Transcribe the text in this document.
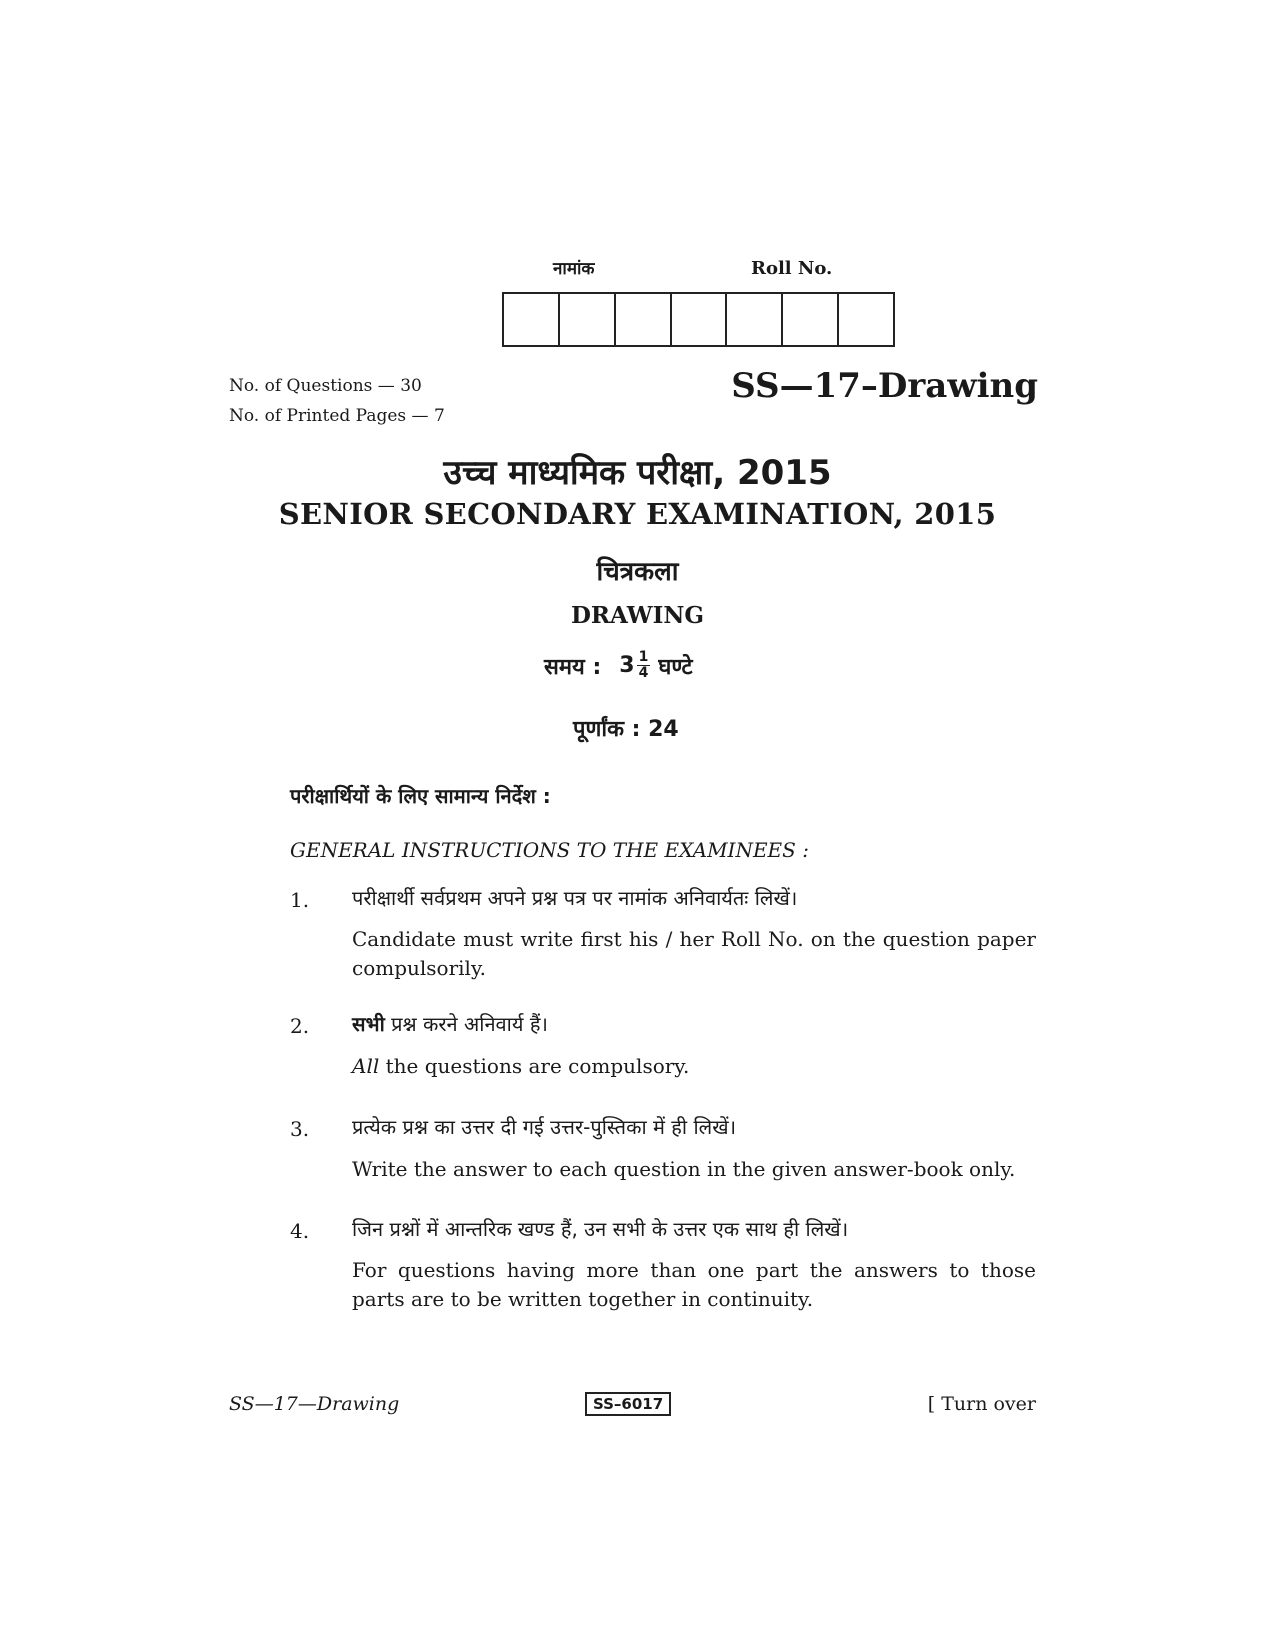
नामांक	Roll No.
No. of Questions — 30
No. of Printed Pages — 7
SS—17–Drawing
उच्च माध्यमिक परीक्षा, 2015
SENIOR SECONDARY EXAMINATION, 2015
चित्रकला
DRAWING
समय : $3 \frac{1}{4}$ घण्टे
पूर्णांक : 24
परीक्षार्थियों के लिए सामान्य निर्देश :
GENERAL INSTRUCTIONS TO THE EXAMINEES :
1. परीक्षार्थी सर्वप्रथम अपने प्रश्न पत्र पर नामांक अनिवार्यतः लिखें।
Candidate must write first his / her Roll No. on the question paper compulsorily.
2. सभी प्रश्न करने अनिवार्य हैं।
All the questions are compulsory.
3. प्रत्येक प्रश्न का उत्तर दी गई उत्तर-पुस्तिका में ही लिखें।
Write the answer to each question in the given answer-book only.
4. जिन प्रश्नों में आन्तरिक खण्ड हैं, उन सभी के उत्तर एक साथ ही लिखें।
For questions having more than one part the answers to those parts are to be written together in continuity.
SS—17—Drawing	SS–6017	[ Turn over
